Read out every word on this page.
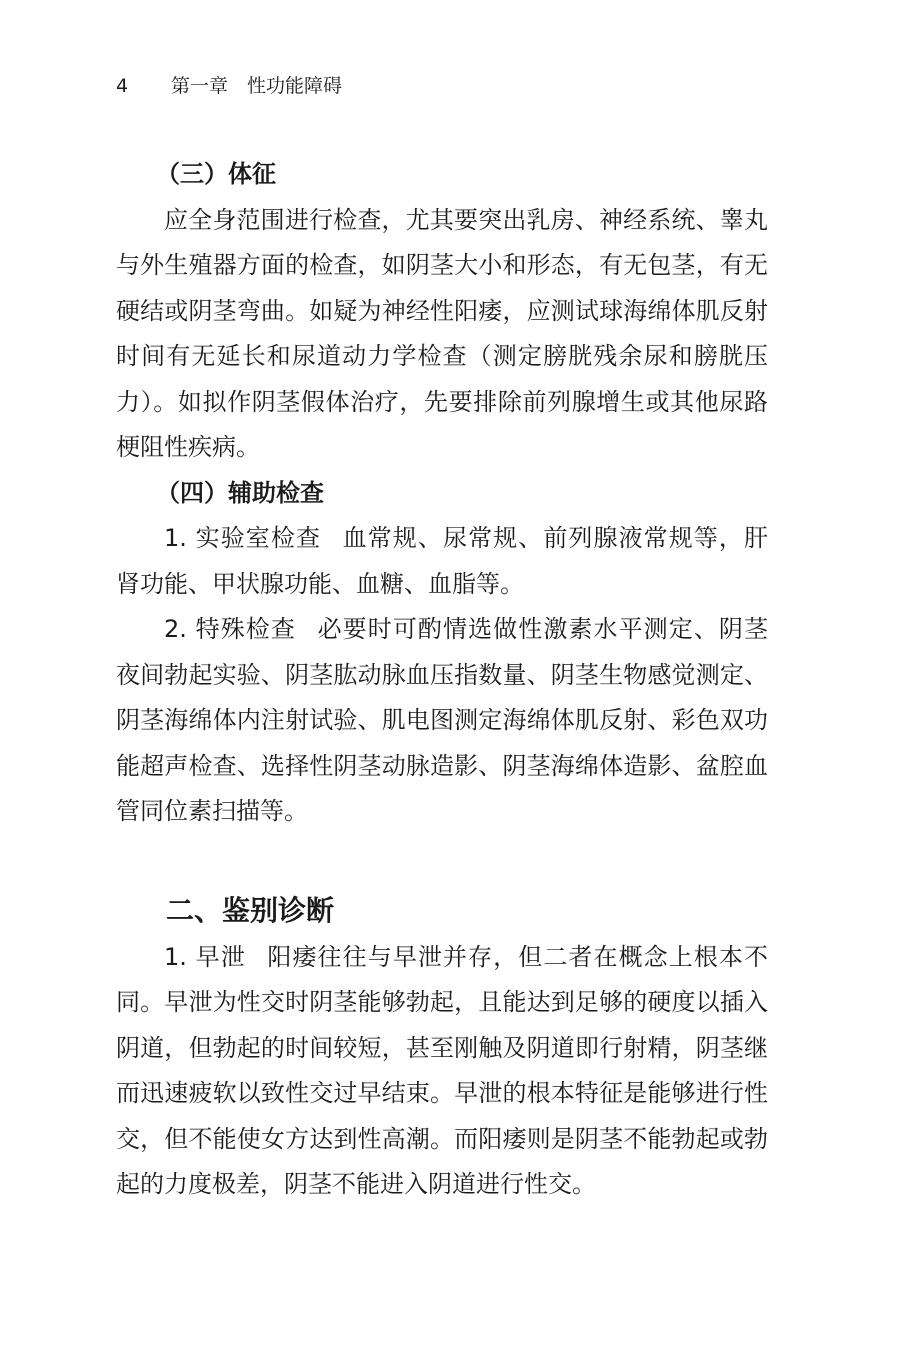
4 第一章　性功能障碍
（三）体征

应全身范围进行检查，尤其要突出乳房、神经系统、睾丸与外生殖器方面的检查，如阴茎大小和形态，有无包茎，有无硬结或阴茎弯曲。如疑为神经性阳痿，应测试球海绵体肌反射时间有无延长和尿道动力学检查（测定膀胱残余尿和膀胱压力）。如拟作阴茎假体治疗，先要排除前列腺增生或其他尿路梗阻性疾病。

（四）辅助检查

1. 实验室检查 血常规、尿常规、前列腺液常规等，肝肾功能、甲状腺功能、血糖、血脂等。

2. 特殊检查 必要时可酌情选做性激素水平测定、阴茎夜间勃起实验、阴茎肱动脉血压指数量、阴茎生物感觉测定、阴茎海绵体内注射试验、肌电图测定海绵体肌反射、彩色双功能超声检查、选择性阴茎动脉造影、阴茎海绵体造影、盆腔血管同位素扫描等。

二、鉴别诊断

1. 早泄 阳痿往往与早泄并存，但二者在概念上根本不同。早泄为性交时阴茎能够勃起，且能达到足够的硬度以插入阴道，但勃起的时间较短，甚至刚触及阴道即行射精，阴茎继而迅速疲软以致性交过早结束。早泄的根本特征是能够进行性交，但不能使女方达到性高潮。而阳痿则是阴茎不能勃起或勃起的力度极差，阴茎不能进入阴道进行性交。
